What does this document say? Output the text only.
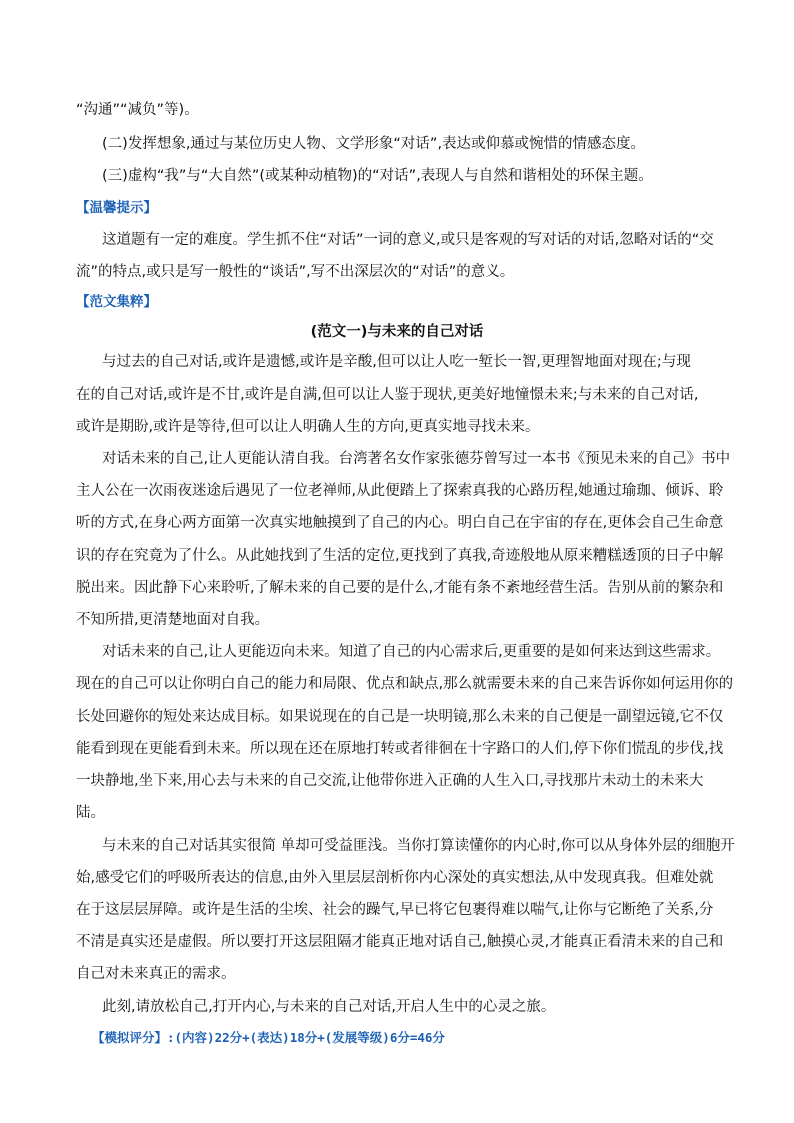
“沟通”“减负”等)。
(二)发挥想象,通过与某位历史人物、文学形象“对话”,表达或仰慕或惋惜的情感态度。
(三)虚构“我”与“大自然”(或某种动植物)的“对话”,表现人与自然和谐相处的环保主题。
【温馨提示】
这道题有一定的难度。学生抓不住“对话”一词的意义,或只是客观的写对话的对话,忽略对话的“交
流”的特点,或只是写一般性的“谈话”,写不出深层次的“对话”的意义。
【范文集粹】
(范文一)与未来的自己对话
与过去的自己对话,或许是遗憾,或许是辛酸,但可以让人吃一堑长一智,更理智地面对现在;与现
在的自己对话,或许是不甘,或许是自满,但可以让人鉴于现状,更美好地憧憬未来;与未来的自己对话,
或许是期盼,或许是等待,但可以让人明确人生的方向,更真实地寻找未来。
对话未来的自己,让人更能认清自我。台湾著名女作家张德芬曾写过一本书《预见未来的自己》书中
主人公在一次雨夜迷途后遇见了一位老禅师,从此便踏上了探索真我的心路历程,她通过瑜珈、倾诉、聆
听的方式,在身心两方面第一次真实地触摸到了自己的内心。明白自己在宇宙的存在,更体会自己生命意
识的存在究竟为了什么。从此她找到了生活的定位,更找到了真我,奇迹般地从原来糟糕透顶的日子中解
脱出来。因此静下心来聆听,了解未来的自己要的是什么,才能有条不紊地经营生活。告别从前的繁杂和
不知所措,更清楚地面对自我。
对话未来的自己,让人更能迈向未来。知道了自己的内心需求后,更重要的是如何来达到这些需求。
现在的自己可以让你明白自己的能力和局限、优点和缺点,那么就需要未来的自己来告诉你如何运用你的
长处回避你的短处来达成目标。如果说现在的自己是一块明镜,那么未来的自己便是一副望远镜,它不仅
能看到现在更能看到未来。所以现在还在原地打转或者徘徊在十字路口的人们,停下你们慌乱的步伐,找
一块静地,坐下来,用心去与未来的自己交流,让他带你进入正确的人生入口,寻找那片未动土的未来大
陆。
与未来的自己对话其实很简 单却可受益匪浅。当你打算读懂你的内心时,你可以从身体外层的细胞开
始,感受它们的呼吸所表达的信息,由外入里层层剖析你内心深处的真实想法,从中发现真我。但难处就
在于这层层屏障。或许是生活的尘埃、社会的躁气,早已将它包裹得难以喘气,让你与它断绝了关系,分
不清是真实还是虚假。所以要打开这层阻隔才能真正地对话自己,触摸心灵,才能真正看清未来的自己和
自己对未来真正的需求。
此刻,请放松自己,打开内心,与未来的自己对话,开启人生中的心灵之旅。
【模拟评分】:(内容)22分+(表达)18分+(发展等级)6分=46分
